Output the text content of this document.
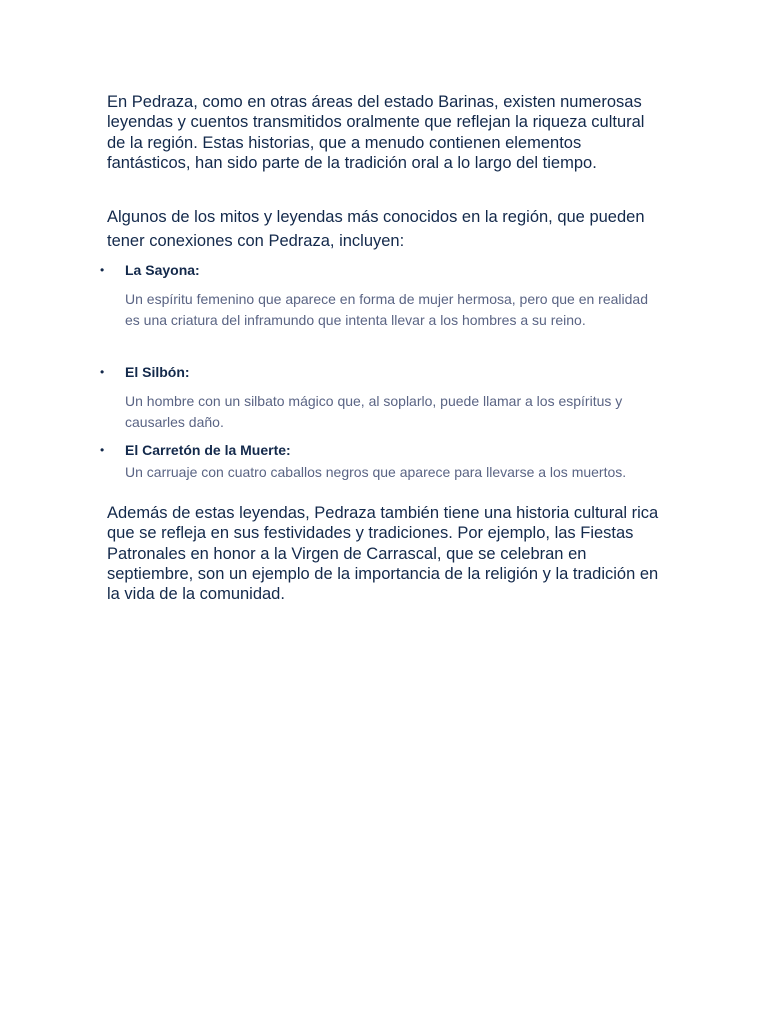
En Pedraza, como en otras áreas del estado Barinas, existen numerosas leyendas y cuentos transmitidos oralmente que reflejan la riqueza cultural de la región. Estas historias, que a menudo contienen elementos fantásticos, han sido parte de la tradición oral a lo largo del tiempo.

Algunos de los mitos y leyendas más conocidos en la región, que pueden tener conexiones con Pedraza, incluyen:

• La Sayona:

Un espíritu femenino que aparece en forma de mujer hermosa, pero que en realidad es una criatura del inframundo que intenta llevar a los hombres a su reino.

• El Silbón:

Un hombre con un silbato mágico que, al soplarlo, puede llamar a los espíritus y causarles daño.

• El Carretón de la Muerte:

Un carruaje con cuatro caballos negros que aparece para llevarse a los muertos.

Además de estas leyendas, Pedraza también tiene una historia cultural rica que se refleja en sus festividades y tradiciones. Por ejemplo, las Fiestas Patronales en honor a la Virgen de Carrascal, que se celebran en septiembre, son un ejemplo de la importancia de la religión y la tradición en la vida de la comunidad.
